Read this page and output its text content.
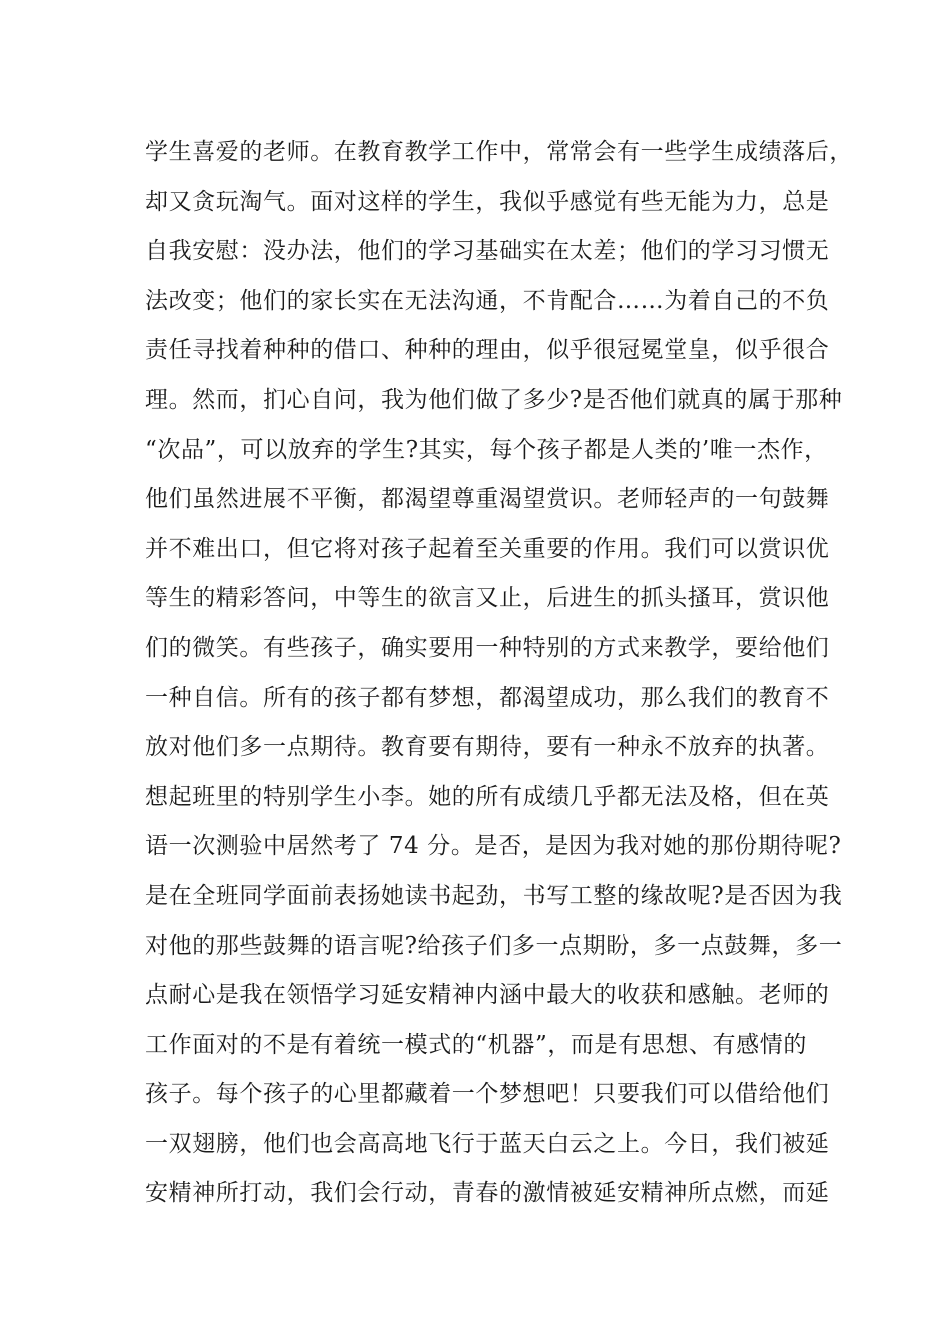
学生喜爱的老师。在教育教学工作中，常常会有一些学生成绩落后，
却又贪玩淘气。面对这样的学生，我似乎感觉有些无能为力，总是
自我安慰：没办法，他们的学习基础实在太差；他们的学习习惯无
法改变；他们的家长实在无法沟通，不肯配合……为着自己的不负
责任寻找着种种的借口、种种的理由，似乎很冠冕堂皇，似乎很合
理。然而，扪心自问，我为他们做了多少?是否他们就真的属于那种
“次品”，可以放弃的学生?其实，每个孩子都是人类的’唯一杰作，
他们虽然进展不平衡，都渴望尊重渴望赏识。老师轻声的一句鼓舞
并不难出口，但它将对孩子起着至关重要的作用。我们可以赏识优
等生的精彩答问，中等生的欲言又止，后进生的抓头搔耳，赏识他
们的微笑。有些孩子，确实要用一种特别的方式来教学，要给他们
一种自信。所有的孩子都有梦想，都渴望成功，那么我们的教育不
放对他们多一点期待。教育要有期待，要有一种永不放弃的执著。
想起班里的特别学生小李。她的所有成绩几乎都无法及格，但在英
语一次测验中居然考了 74 分。是否，是因为我对她的那份期待呢?
是在全班同学面前表扬她读书起劲，书写工整的缘故呢?是否因为我
对他的那些鼓舞的语言呢?给孩子们多一点期盼，多一点鼓舞，多一
点耐心是我在领悟学习延安精神内涵中最大的收获和感触。老师的
工作面对的不是有着统一模式的“机器”，而是有思想、有感情的
孩子。每个孩子的心里都藏着一个梦想吧！只要我们可以借给他们
一双翅膀，他们也会高高地飞行于蓝天白云之上。今日，我们被延
安精神所打动，我们会行动，青春的激情被延安精神所点燃，而延
